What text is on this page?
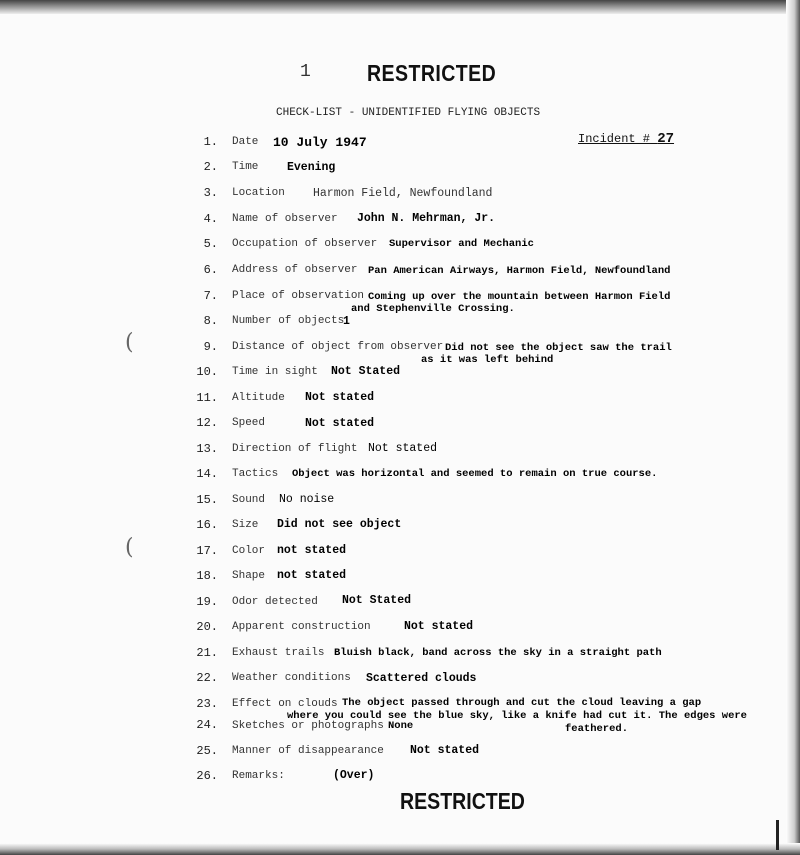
(
(
1 RESTRICTED
CHECK-LIST - UNIDENTIFIED FLYING OBJECTS
Incident # 27
1. Date 10 July 1947
2. Time Evening
3. Location Harmon Field, Newfoundland
4. Name of observer John N. Mehrman, Jr.
5. Occupation of observer Supervisor and Mechanic
6. Address of observer Pan American Airways, Harmon Field, Newfoundland
7. Place of observation Coming up over the mountain between Harmon Field
and Stephenville Crossing.
8. Number of objects
1
9. Distance of object from observer Did not see the object saw the trail
as it was left behind
10. Time in sight Not Stated
11. Altitude Not stated
12. Speed	Not stated
13. Direction of flight Not stated
14. Tactics Object was horizontal and seemed to remain on true course.
15. Sound No noise
16. Size Did not see object
17. Color not stated
18. Shape not stated
19. Odor detected Not Stated
20. Apparent construction	Not stated
21. Exhaust trails Bluish black, band across the sky in a straight path
22. Weather conditions Scattered clouds
23. Effect on clouds The object passed through and cut the cloud leaving a gap
where you could see the blue sky, like a knife had cut it. The edges were
feathered.
24. Sketches or photographs None
25. Manner of disappearance Not stated
26. Remarks:	(Over)
RESTRICTED
